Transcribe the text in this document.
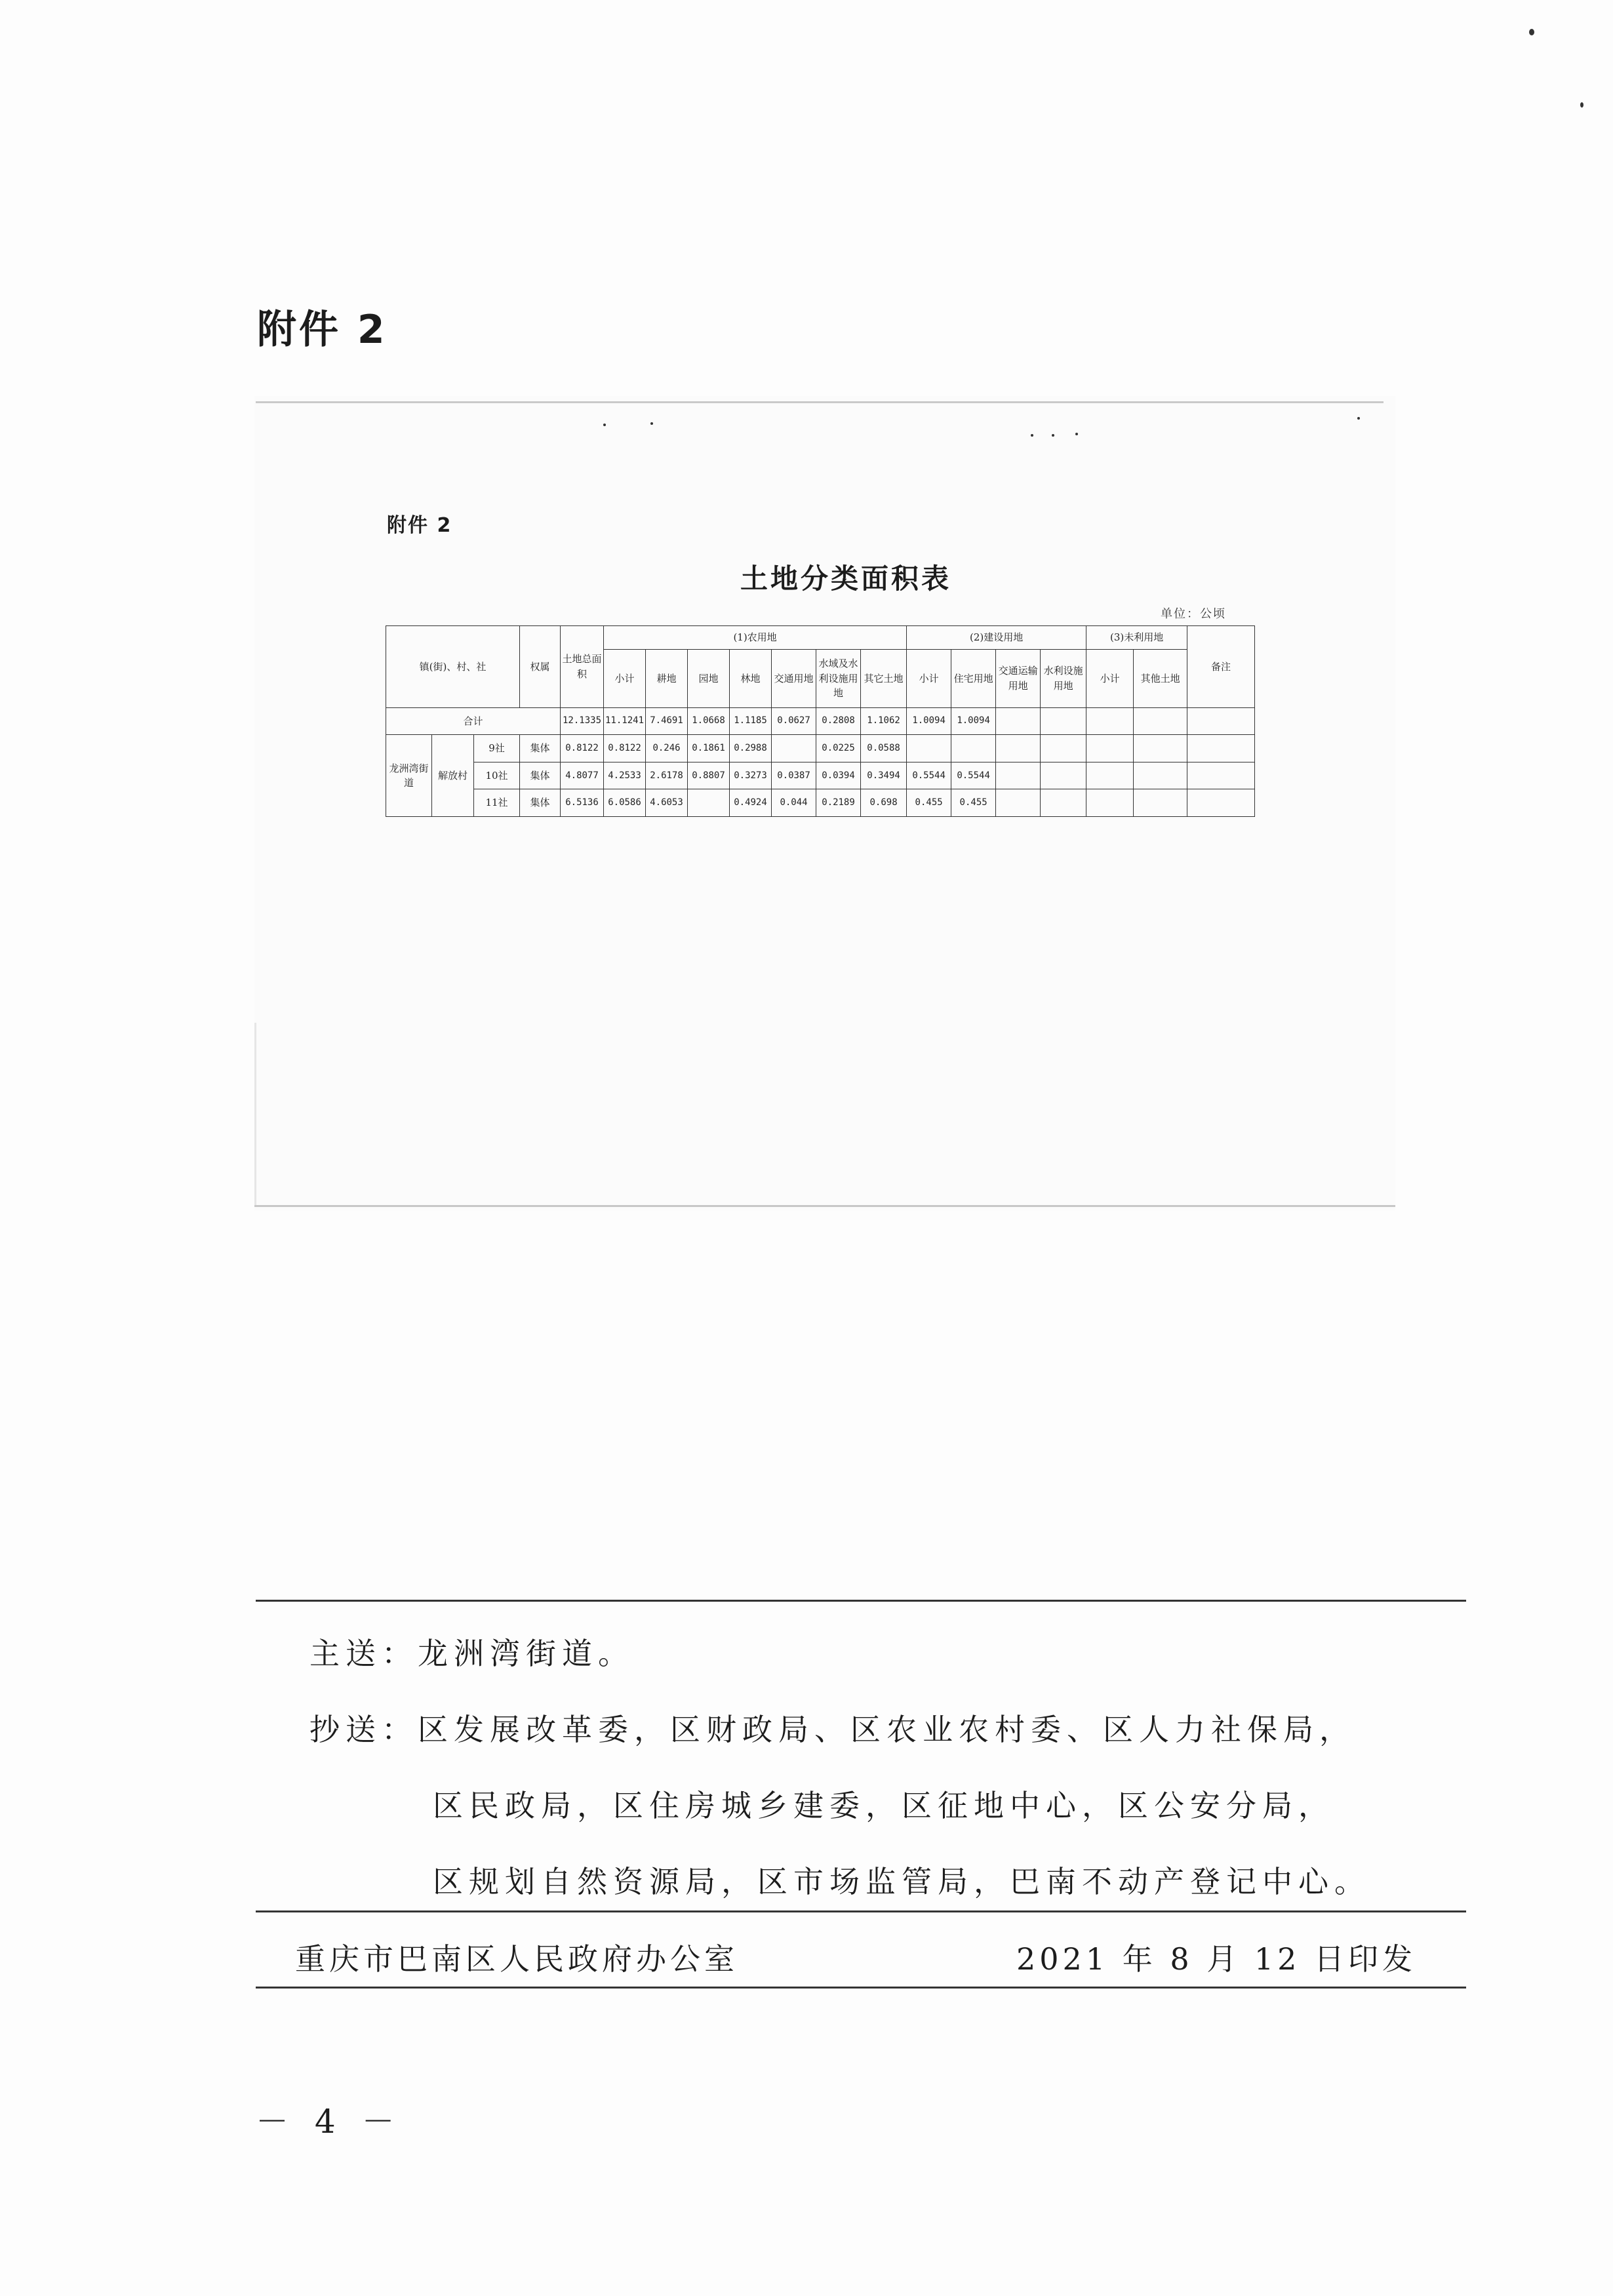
附件 2
附件 2
土地分类面积表
单位：公顷
镇(街)、村、社			权属	土地总面积	(1)农用地							(2)建设用地				(3)未利用地		备注
					小计	耕地	园地	林地	交通用地	水域及水利设施用地	其它土地	小计	住宅用地	交通运输用地	水利设施用地	小计	其他土地	
合计				12.1335	11.1241	7.4691	1.0668	1.1185	0.0627	0.2808	1.1062	1.0094	1.0094					
龙洲湾街道	解放村	9社	集体	0.8122	0.8122	0.246	0.1861	0.2988		0.0225	0.0588							
		10社	集体	4.8077	4.2533	2.6178	0.8807	0.3273	0.0387	0.0394	0.3494	0.5544	0.5544					
		11社	集体	6.5136	6.0586	4.6053		0.4924	0.044	0.2189	0.698	0.455	0.455					
主送：龙洲湾街道。
抄送：区发展改革委，区财政局、区农业农村委、区人力社保局，
区民政局，区住房城乡建委，区征地中心，区公安分局，
区规划自然资源局，区市场监管局，巴南不动产登记中心。
重庆市巴南区人民政府办公室	2021 年 8 月 12 日印发
－ 4 －
